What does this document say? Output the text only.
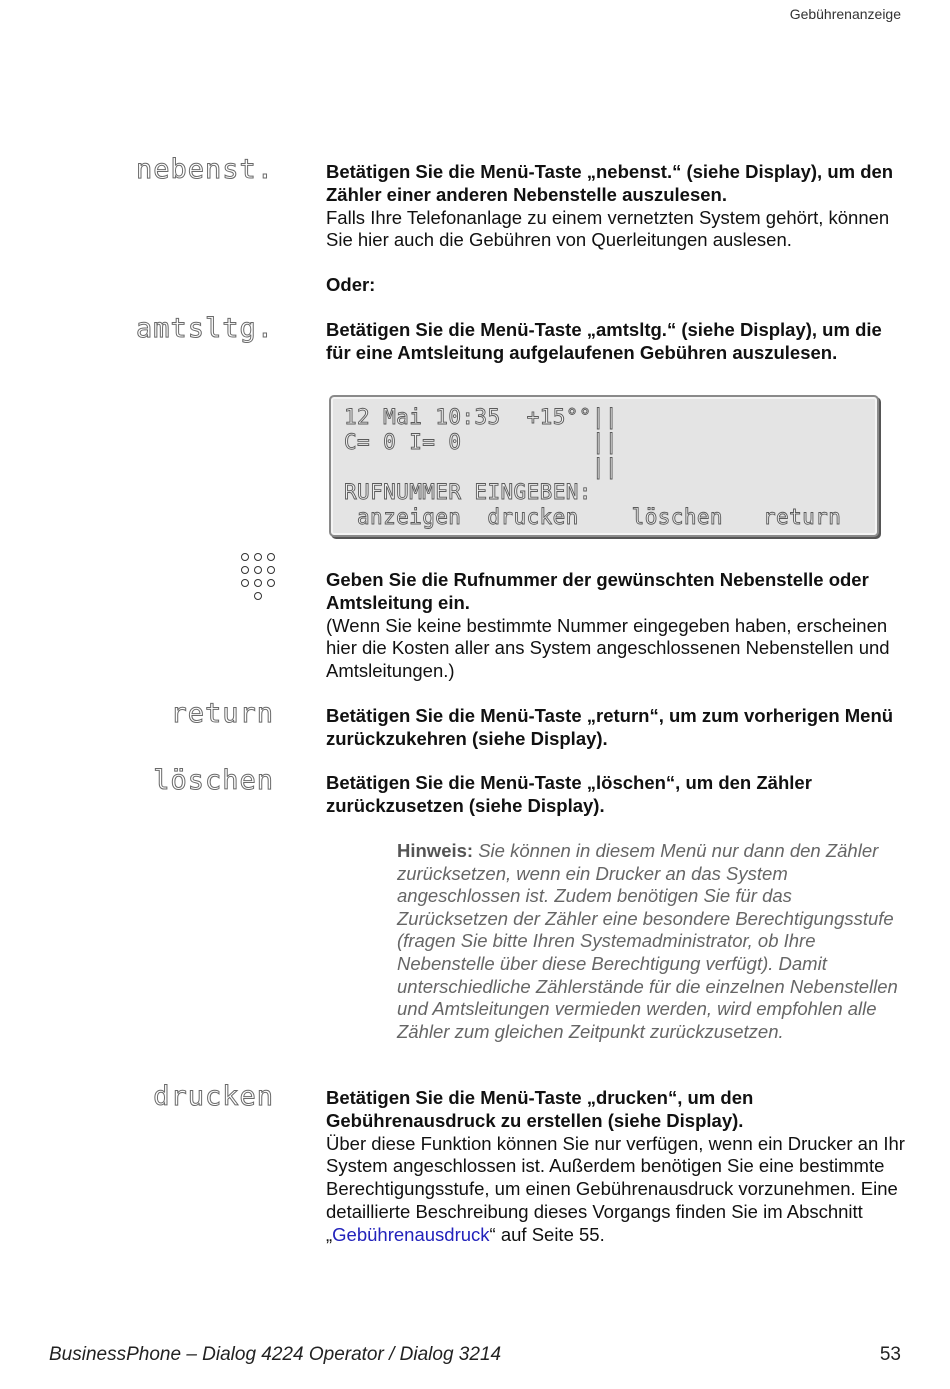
Gebührenanzeige
nebenst.	Betätigen Sie die Menü-Taste „nebenst.“ (siehe Display), um den Zähler einer anderen Nebenstelle auszulesen.
Falls Ihre Telefonanlage zu einem vernetzten System gehört, können Sie hier auch die Gebühren von Querleitungen auslesen.
Oder:
amtsltg.	Betätigen Sie die Menü-Taste „amtsltg.“ (siehe Display), um die für eine Amtsleitung aufgelaufenen Gebühren auszulesen.
12 Mai 10:35  +15°°||
C= 0 I= 0          ||
||
RUFNUMMER EINGEBEN:
anzeigen drucken	löschen return
Geben Sie die Rufnummer der gewünschten Nebenstelle oder Amtsleitung ein.
(Wenn Sie keine bestimmte Nummer eingegeben haben, erscheinen hier die Kosten aller ans System angeschlossenen Nebenstellen und Amtsleitungen.)
return	Betätigen Sie die Menü-Taste „return“, um zum vorherigen Menü zurückzukehren (siehe Display).
löschen	Betätigen Sie die Menü-Taste „löschen“, um den Zähler zurückzusetzen (siehe Display).
Hinweis: Sie können in diesem Menü nur dann den Zähler zurücksetzen, wenn ein Drucker an das System angeschlossen ist. Zudem benötigen Sie für das Zurücksetzen der Zähler eine besondere Berechtigungsstufe (fragen Sie bitte Ihren Systemadministrator, ob Ihre Nebenstelle über diese Berechtigung verfügt). Damit unterschiedliche Zählerstände für die einzelnen Nebenstellen und Amtsleitungen vermieden werden, wird empfohlen alle Zähler zum gleichen Zeitpunkt zurückzusetzen.
drucken	Betätigen Sie die Menü-Taste „drucken“, um den Gebührenausdruck zu erstellen (siehe Display).
Über diese Funktion können Sie nur verfügen, wenn ein Drucker an Ihr System angeschlossen ist. Außerdem benötigen Sie eine bestimmte Berechtigungsstufe, um einen Gebührenausdruck vorzunehmen. Eine detaillierte Beschreibung dieses Vorgangs finden Sie im Abschnitt „Gebührenausdruck“ auf Seite 55.
BusinessPhone – Dialog 4224 Operator / Dialog 3214	53
